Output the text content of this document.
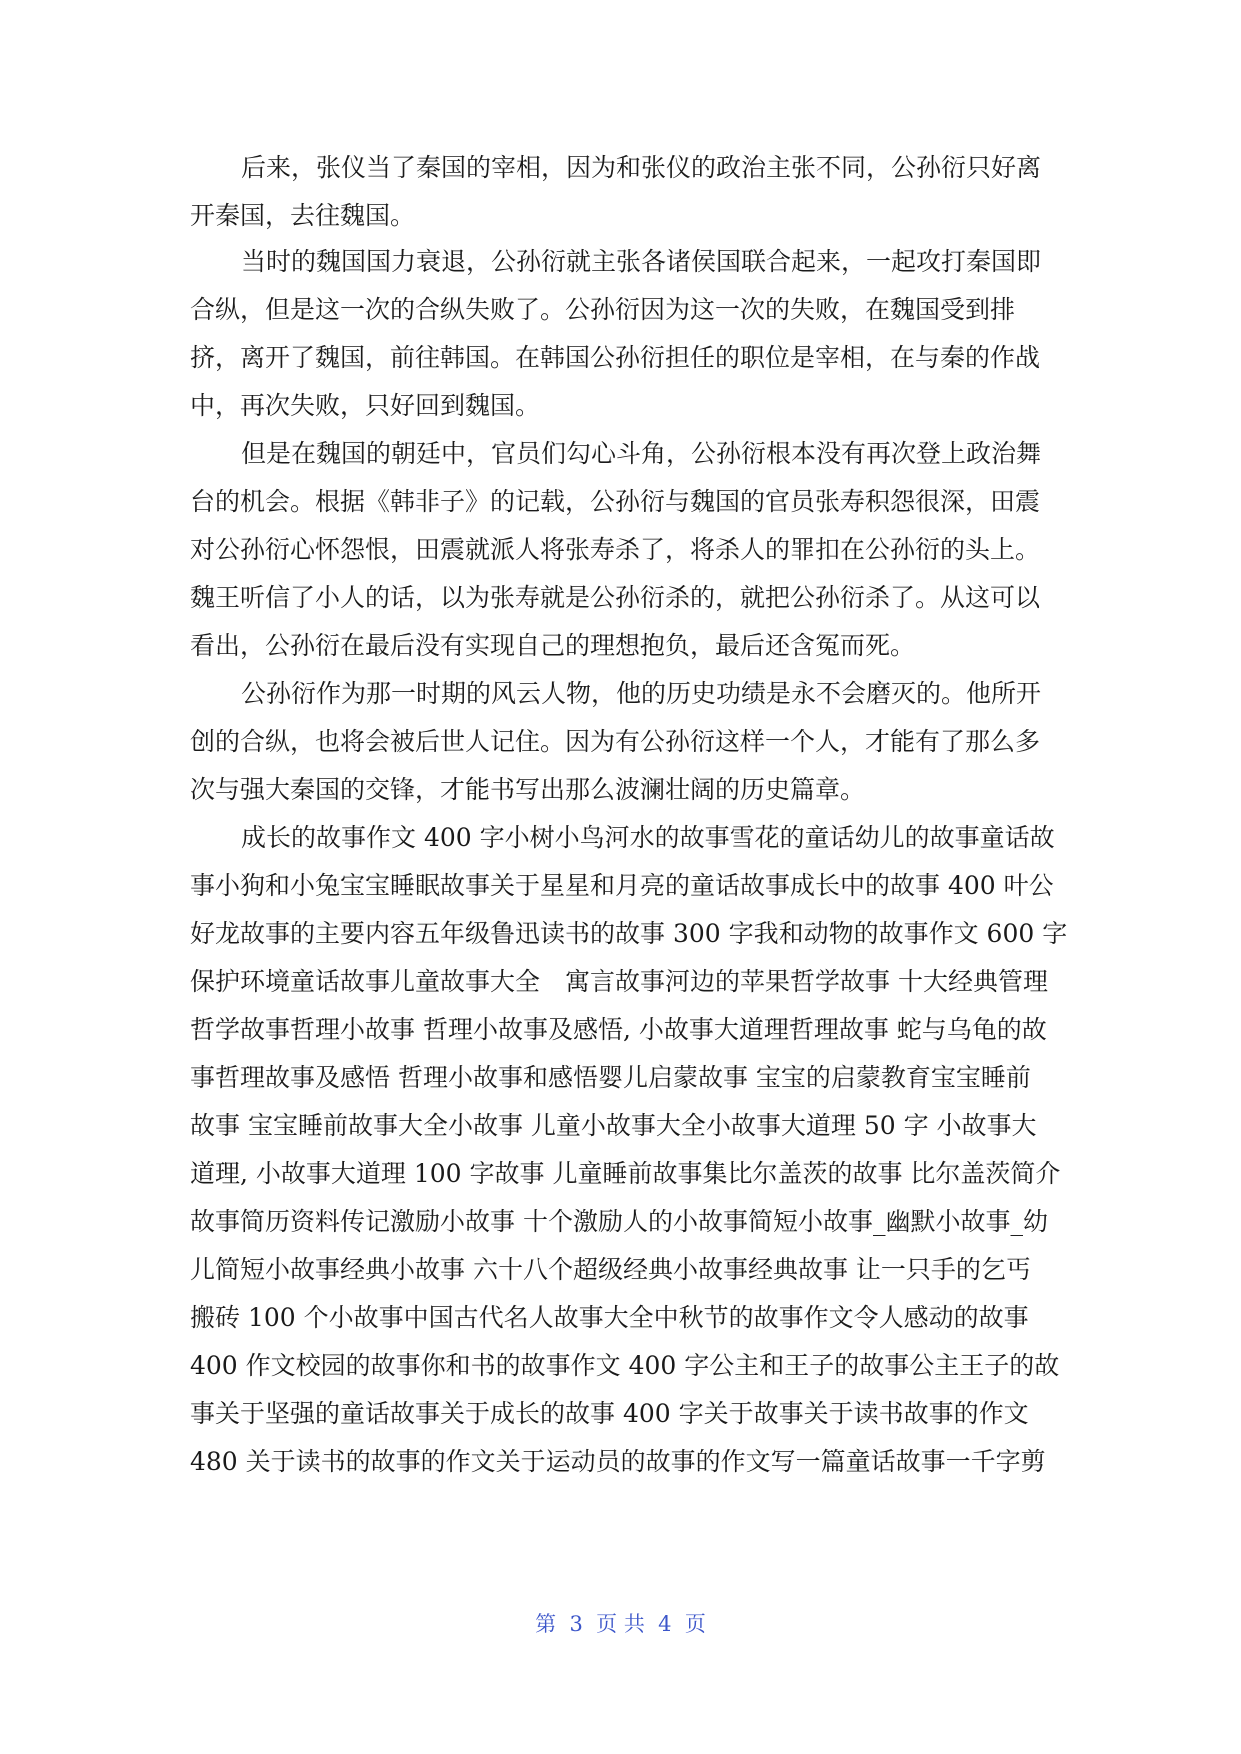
后来，张仪当了秦国的宰相，因为和张仪的政治主张不同，公孙衍只好离
开秦国，去往魏国。
当时的魏国国力衰退，公孙衍就主张各诸侯国联合起来，一起攻打秦国即
合纵，但是这一次的合纵失败了。公孙衍因为这一次的失败，在魏国受到排
挤，离开了魏国，前往韩国。在韩国公孙衍担任的职位是宰相，在与秦的作战
中，再次失败，只好回到魏国。
但是在魏国的朝廷中，官员们勾心斗角，公孙衍根本没有再次登上政治舞
台的机会。根据《韩非子》的记载，公孙衍与魏国的官员张寿积怨很深，田震
对公孙衍心怀怨恨，田震就派人将张寿杀了，将杀人的罪扣在公孙衍的头上。
魏王听信了小人的话，以为张寿就是公孙衍杀的，就把公孙衍杀了。从这可以
看出，公孙衍在最后没有实现自己的理想抱负，最后还含冤而死。
公孙衍作为那一时期的风云人物，他的历史功绩是永不会磨灭的。他所开
创的合纵，也将会被后世人记住。因为有公孙衍这样一个人，才能有了那么多
次与强大秦国的交锋，才能书写出那么波澜壮阔的历史篇章。
成长的故事作文 400 字小树小鸟河水的故事雪花的童话幼儿的故事童话故
事小狗和小兔宝宝睡眠故事关于星星和月亮的童话故事成长中的故事 400 叶公
好龙故事的主要内容五年级鲁迅读书的故事 300 字我和动物的故事作文 600 字
保护环境童话故事儿童故事大全　寓言故事河边的苹果哲学故事 十大经典管理
哲学故事哲理小故事 哲理小故事及感悟, 小故事大道理哲理故事 蛇与乌龟的故
事哲理故事及感悟 哲理小故事和感悟婴儿启蒙故事 宝宝的启蒙教育宝宝睡前
故事 宝宝睡前故事大全小故事 儿童小故事大全小故事大道理 50 字 小故事大
道理, 小故事大道理 100 字故事 儿童睡前故事集比尔盖茨的故事 比尔盖茨简介
故事简历资料传记激励小故事 十个激励人的小故事简短小故事_幽默小故事_幼
儿简短小故事经典小故事 六十八个超级经典小故事经典故事 让一只手的乞丐
搬砖 100 个小故事中国古代名人故事大全中秋节的故事作文令人感动的故事
400 作文校园的故事你和书的故事作文 400 字公主和王子的故事公主王子的故
事关于坚强的童话故事关于成长的故事 400 字关于故事关于读书故事的作文
480 关于读书的故事的作文关于运动员的故事的作文写一篇童话故事一千字剪
第  3  页 共  4  页
